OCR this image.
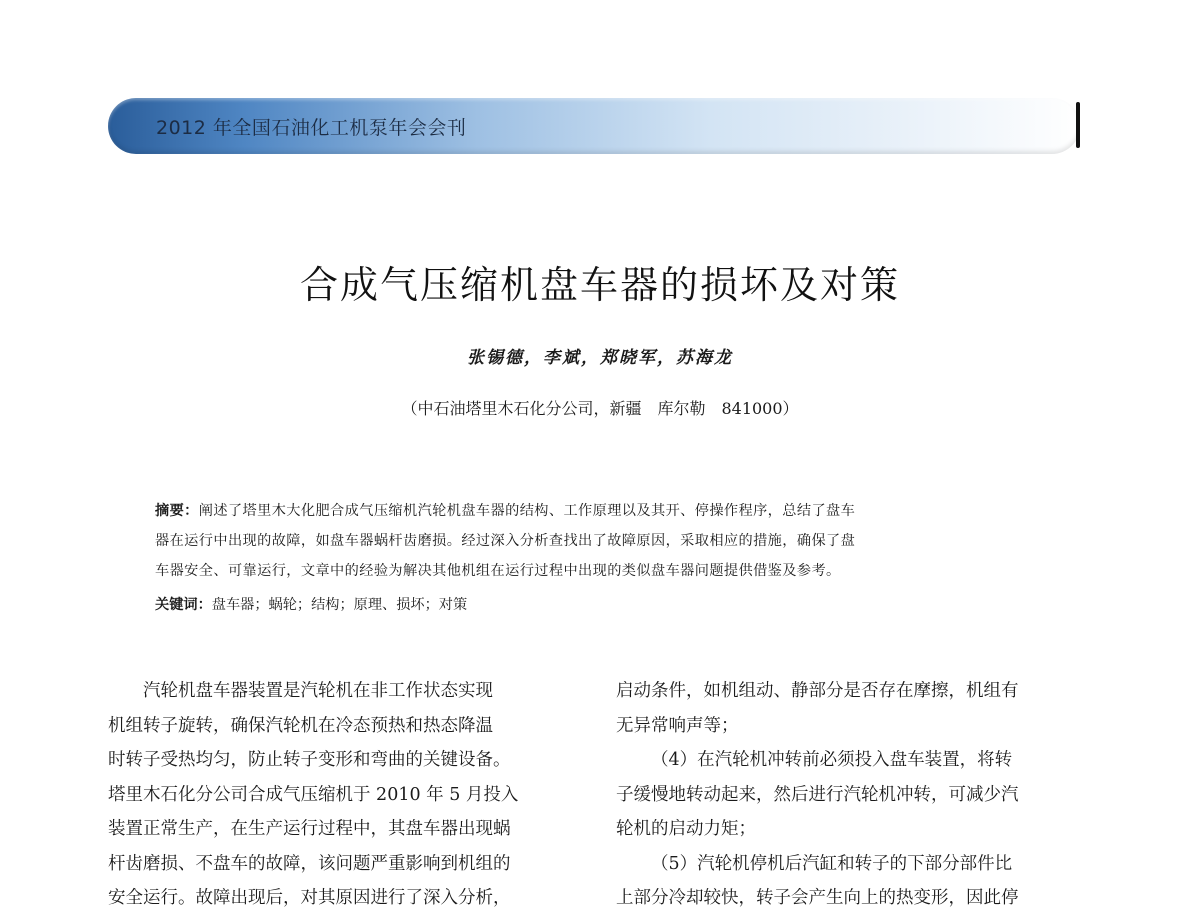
2012 年全国石油化工机泵年会会刊
合成气压缩机盘车器的损坏及对策
张锡德，李斌，郑晓军，苏海龙
（中石油塔里木石化分公司，新疆　库尔勒　841000）
摘要：阐述了塔里木大化肥合成气压缩机汽轮机盘车器的结构、工作原理以及其开、停操作程序，总结了盘车
器在运行中出现的故障，如盘车器蜗杆齿磨损。经过深入分析查找出了故障原因，采取相应的措施，确保了盘
车器安全、可靠运行，文章中的经验为解决其他机组在运行过程中出现的类似盘车器问题提供借鉴及参考。
关键词：盘车器；蜗轮；结构；原理、损坏；对策

汽轮机盘车器装置是汽轮机在非工作状态实现

机组转子旋转，确保汽轮机在冷态预热和热态降温

时转子受热均匀，防止转子变形和弯曲的关键设备。

塔里木石化分公司合成气压缩机于 2010 年 5 月投入

装置正常生产，在生产运行过程中，其盘车器出现蜗

杆齿磨损、不盘车的故障，该问题严重影响到机组的

安全运行。故障出现后，对其原因进行了深入分析，

启动条件，如机组动、静部分是否存在摩擦，机组有

无异常响声等；

（4）在汽轮机冲转前必须投入盘车装置，将转

子缓慢地转动起来，然后进行汽轮机冲转，可减少汽

轮机的启动力矩；

（5）汽轮机停机后汽缸和转子的下部分部件比

上部分冷却较快，转子会产生向上的热变形，因此停
